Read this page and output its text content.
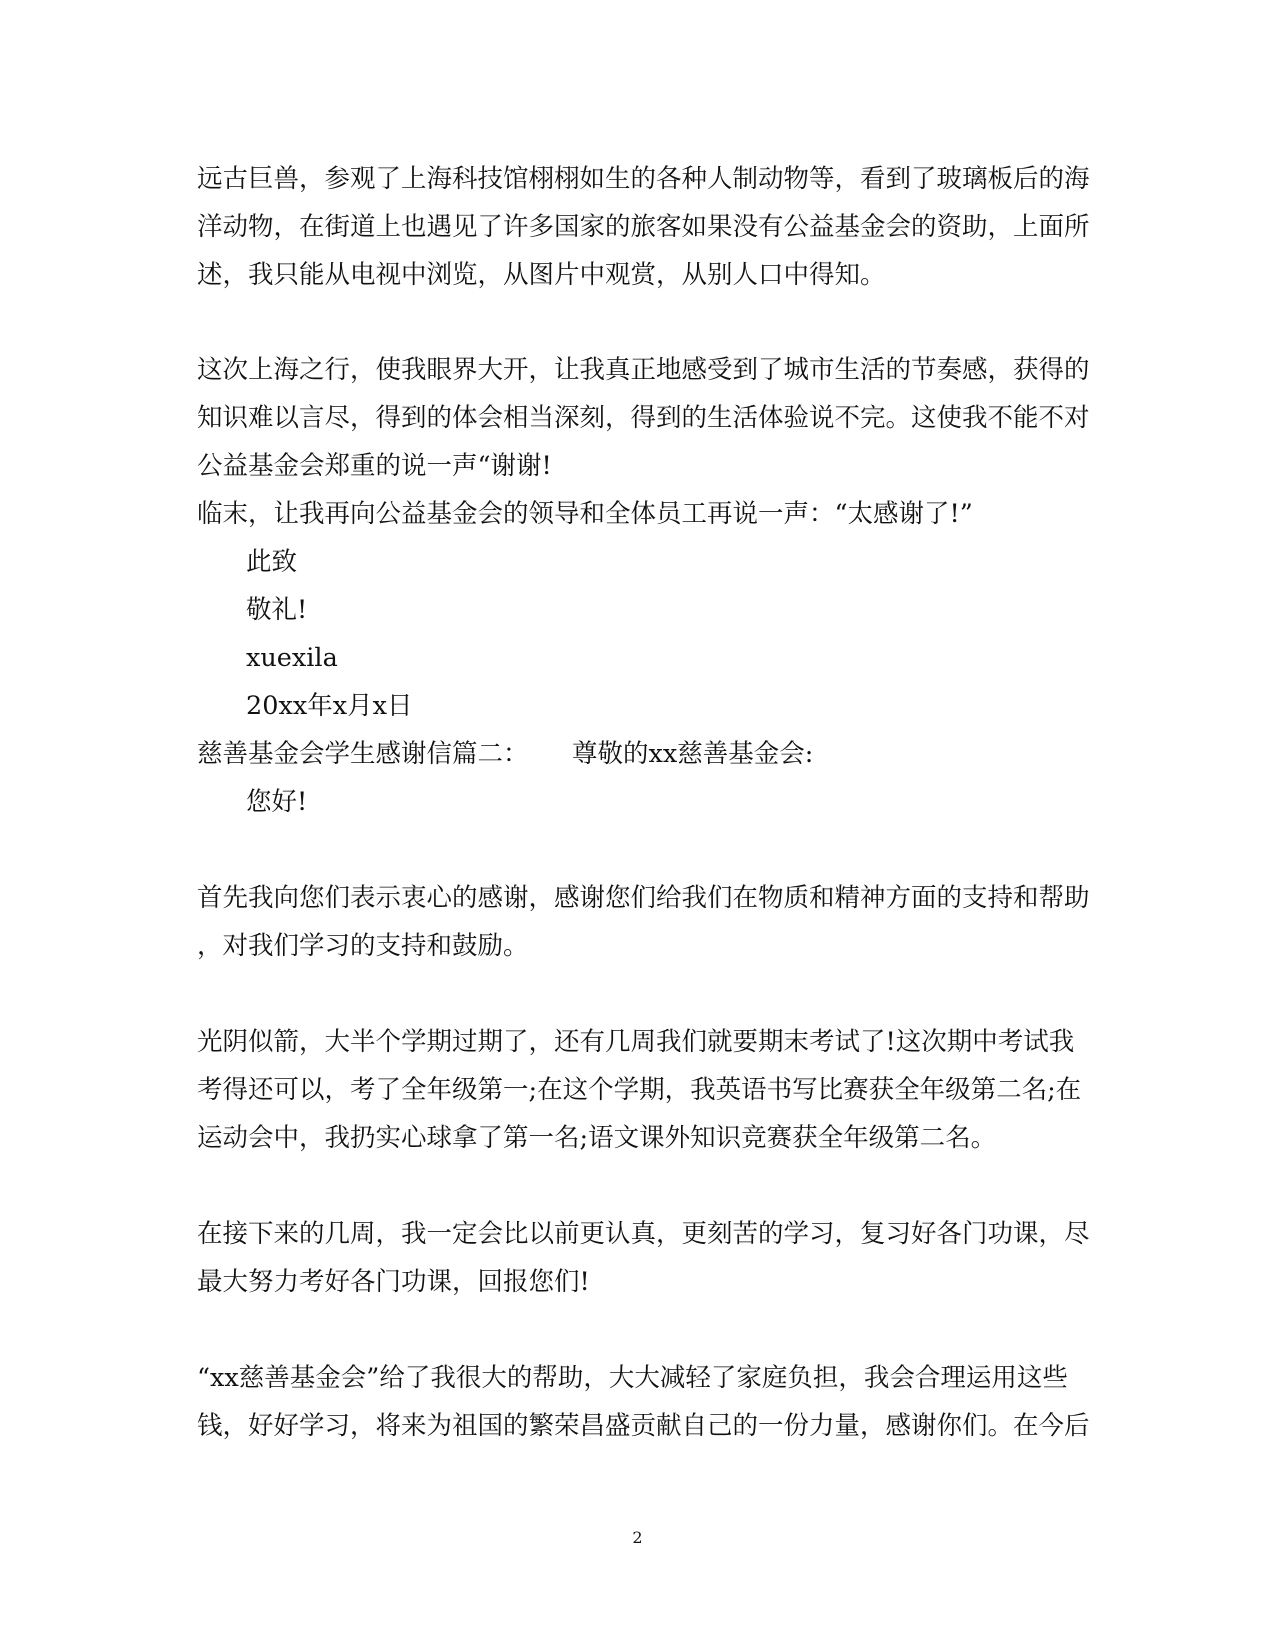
远古巨兽，参观了上海科技馆栩栩如生的各种人制动物等，看到了玻璃板后的海
洋动物，在街道上也遇见了许多国家的旅客如果没有公益基金会的资助，上面所
述，我只能从电视中浏览，从图片中观赏，从别人口中得知。
这次上海之行，使我眼界大开，让我真正地感受到了城市生活的节奏感，获得的
知识难以言尽，得到的体会相当深刻，得到的生活体验说不完。这使我不能不对
公益基金会郑重的说一声“谢谢!
临末，让我再向公益基金会的领导和全体员工再说一声：“太感谢了!”
此致
敬礼!
xuexila
20xx年x月x日
慈善基金会学生感谢信篇二： 尊敬的xx慈善基金会:
您好!
首先我向您们表示衷心的感谢，感谢您们给我们在物质和精神方面的支持和帮助
，对我们学习的支持和鼓励。
光阴似箭，大半个学期过期了，还有几周我们就要期末考试了!这次期中考试我
考得还可以，考了全年级第一;在这个学期，我英语书写比赛获全年级第二名;在
运动会中，我扔实心球拿了第一名;语文课外知识竞赛获全年级第二名。
在接下来的几周，我一定会比以前更认真，更刻苦的学习，复习好各门功课，尽
最大努力考好各门功课，回报您们!
“xx慈善基金会”给了我很大的帮助，大大减轻了家庭负担，我会合理运用这些
钱，好好学习，将来为祖国的繁荣昌盛贡献自己的一份力量，感谢你们。在今后
2
